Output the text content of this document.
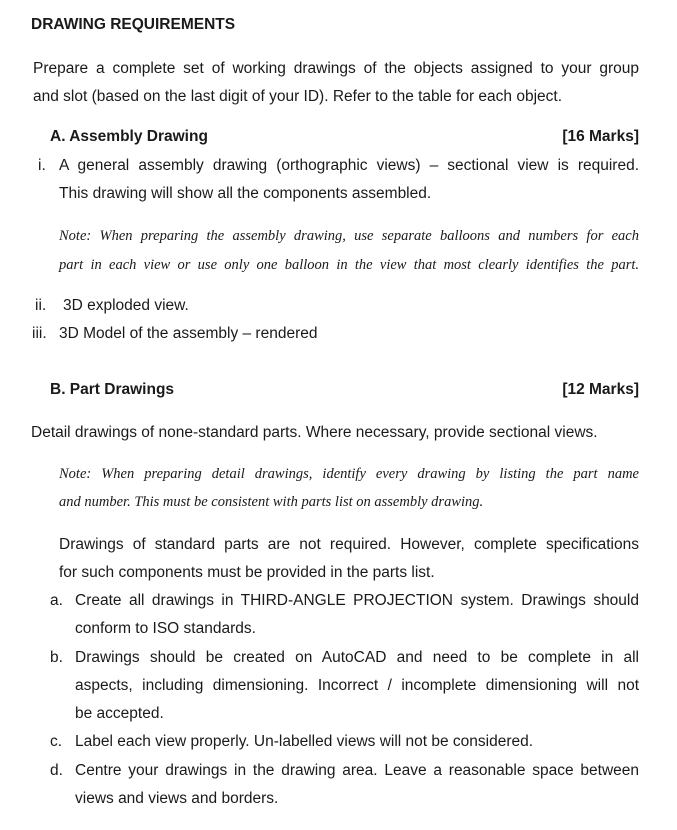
DRAWING REQUIREMENTS
Prepare a complete set of working drawings of the objects assigned to your group
and slot (based on the last digit of your ID). Refer to the table for each object.
A. Assembly Drawing	[16 Marks]
i. A general assembly drawing (orthographic views) – sectional view is required.
This drawing will show all the components assembled.
Note: When preparing the assembly drawing, use separate balloons and numbers for each
part in each view or use only one balloon in the view that most clearly identifies the part.
ii. 3D exploded view.
iii. 3D Model of the assembly – rendered
B. Part Drawings	[12 Marks]
Detail drawings of none-standard parts. Where necessary, provide sectional views.
Note: When preparing detail drawings, identify every drawing by listing the part name
and number. This must be consistent with parts list on assembly drawing.
Drawings of standard parts are not required. However, complete specifications
for such components must be provided in the parts list.
a. Create all drawings in THIRD-ANGLE PROJECTION system. Drawings should
conform to ISO standards.
b. Drawings should be created on AutoCAD and need to be complete in all
aspects, including dimensioning. Incorrect / incomplete dimensioning will not
be accepted.
c. Label each view properly. Un-labelled views will not be considered.
d. Centre your drawings in the drawing area. Leave a reasonable space between
views and views and borders.
